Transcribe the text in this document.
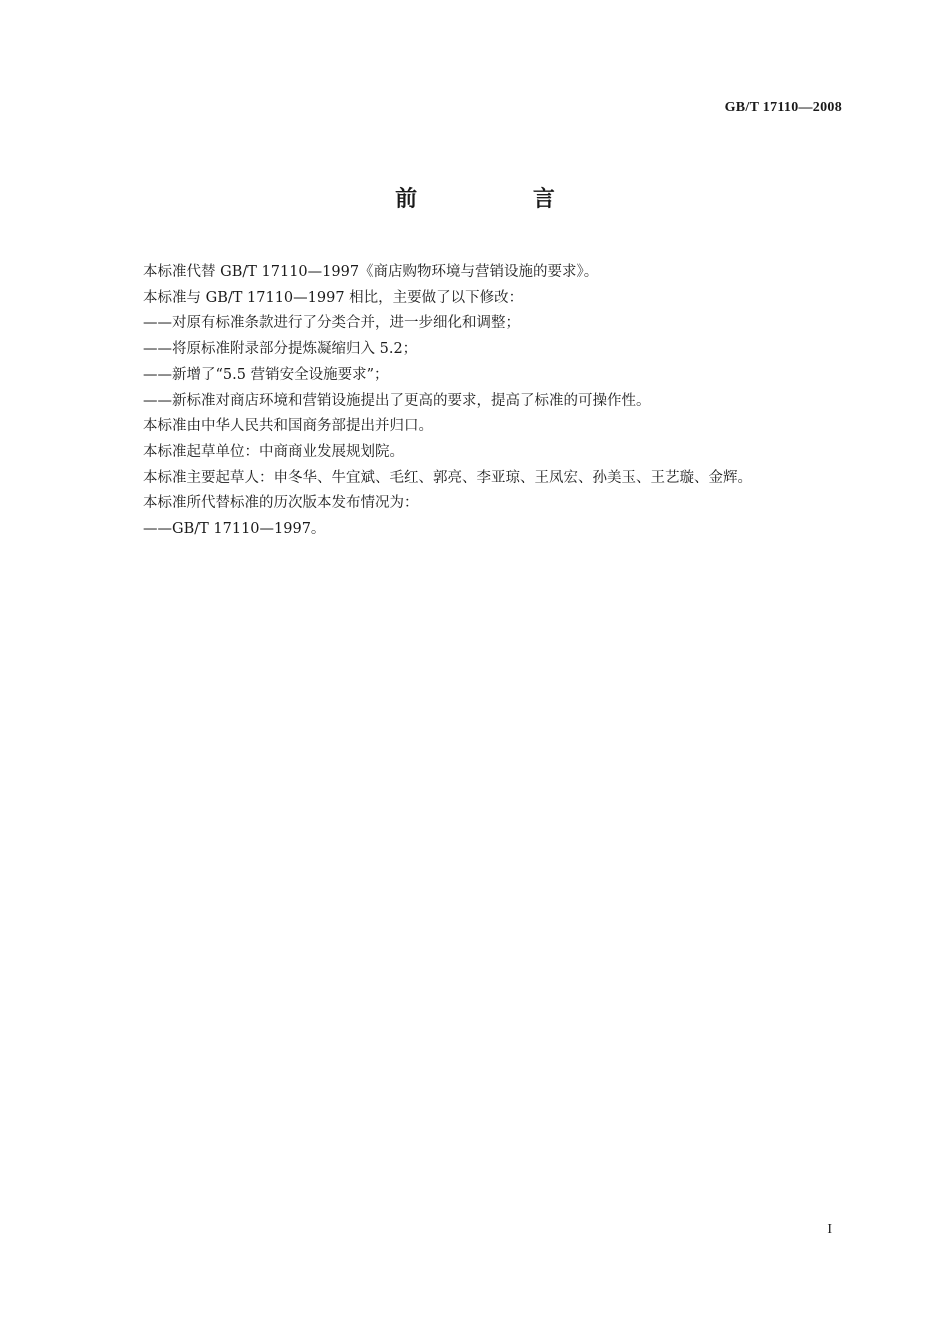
GB/T 17110—2008
前 言

本标准代替 GB/T 17110—1997《商店购物环境与营销设施的要求》。

本标准与 GB/T 17110—1997 相比，主要做了以下修改：

——对原有标准条款进行了分类合并，进一步细化和调整；

——将原标准附录部分提炼凝缩归入 5.2；

——新增了“5.5 营销安全设施要求”；

——新标准对商店环境和营销设施提出了更高的要求，提高了标准的可操作性。

本标准由中华人民共和国商务部提出并归口。

本标准起草单位：中商商业发展规划院。

本标准主要起草人：申冬华、牛宜斌、毛红、郭亮、李亚琼、王凤宏、孙美玉、王艺璇、金辉。

本标准所代替标准的历次版本发布情况为：

——GB/T 17110—1997。

I
